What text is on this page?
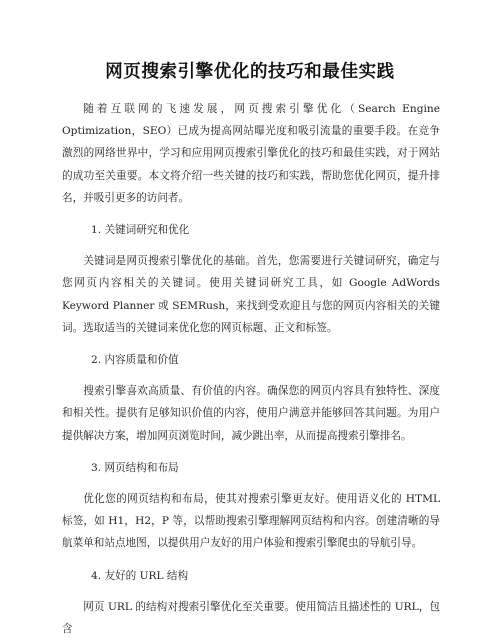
网页搜索引擎优化的技巧和最佳实践

随着互联网的飞速发展，网页搜索引擎优化（Search Engine Optimization，SEO）已成为提高网站曝光度和吸引流量的重要手段。在竞争激烈的网络世界中，学习和应用网页搜索引擎优化的技巧和最佳实践，对于网站的成功至关重要。本文将介绍一些关键的技巧和实践，帮助您优化网页，提升排名，并吸引更多的访问者。

1. 关键词研究和优化

关键词是网页搜索引擎优化的基础。首先，您需要进行关键词研究，确定与您网页内容相关的关键词。使用关键词研究工具，如 Google AdWords Keyword Planner 或 SEMRush，来找到受欢迎且与您的网页内容相关的关键词。选取适当的关键词来优化您的网页标题、正文和标签。

2. 内容质量和价值

搜索引擎喜欢高质量、有价值的内容。确保您的网页内容具有独特性、深度和相关性。提供有足够知识价值的内容，使用户满意并能够回答其问题。为用户提供解决方案，增加网页浏览时间，减少跳出率，从而提高搜索引擎排名。

3. 网页结构和布局

优化您的网页结构和布局，使其对搜索引擎更友好。使用语义化的 HTML 标签，如 H1，H2，P 等，以帮助搜索引擎理解网页结构和内容。创建清晰的导航菜单和站点地图，以提供用户友好的用户体验和搜索引擎爬虫的导航引导。

4. 友好的 URL 结构

网页 URL 的结构对搜索引擎优化至关重要。使用简洁且描述性的 URL，包含
